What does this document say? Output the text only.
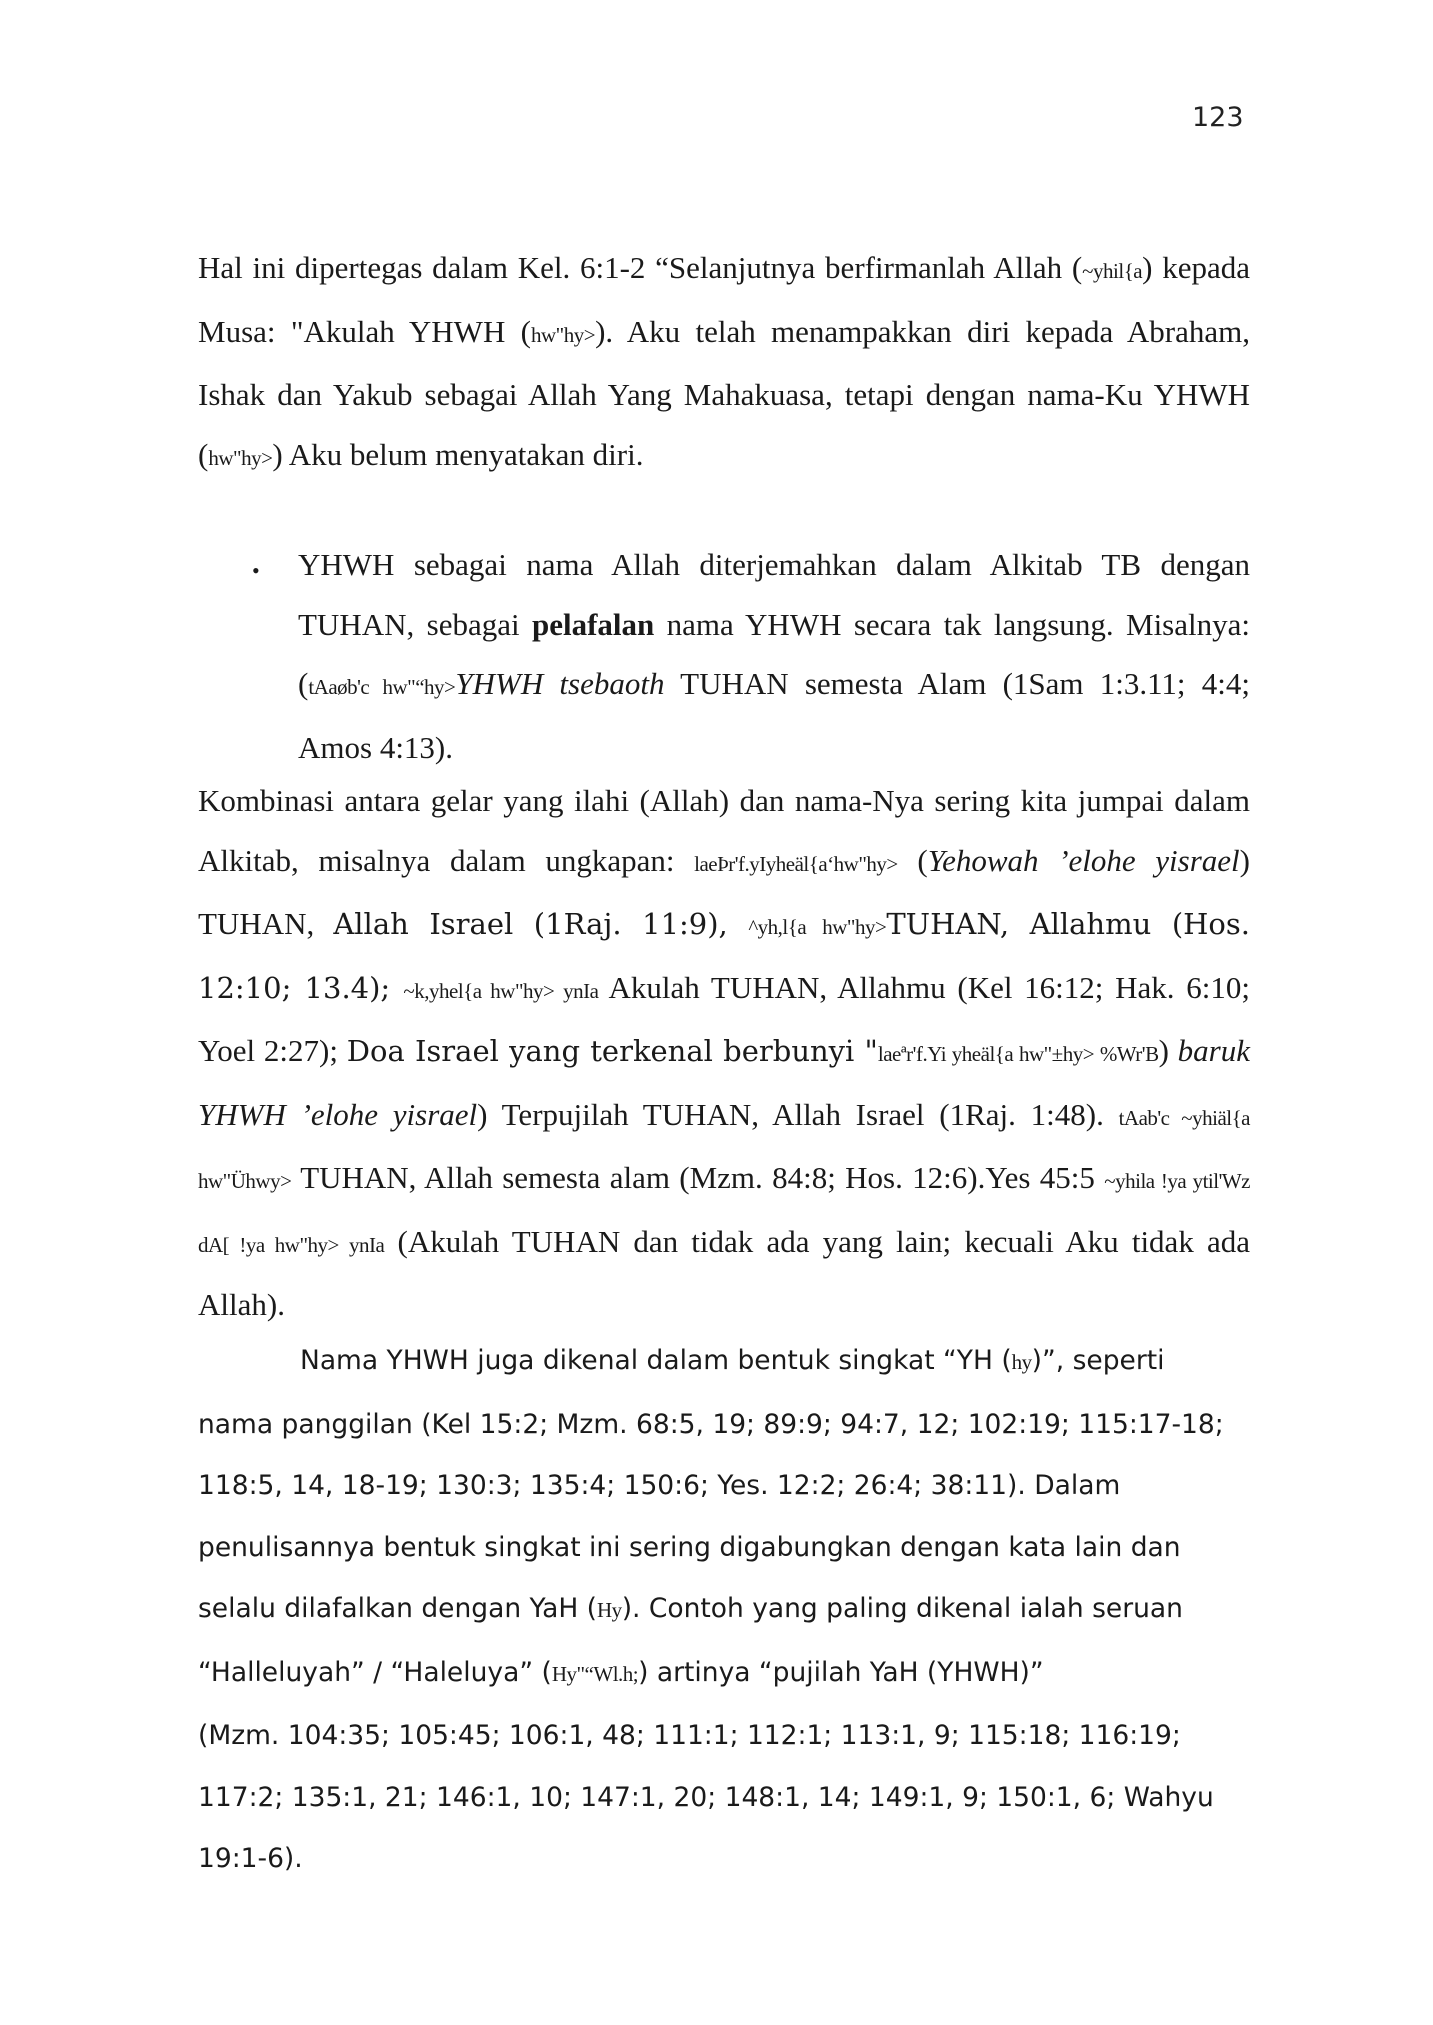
123

Hal ini dipertegas dalam Kel. 6:1-2 “Selanjutnya berfirmanlah Allah (~yhil{a) kepada Musa: "Akulah YHWH (hw"hy>). Aku telah menampakkan diri kepada Abraham, Ishak dan Yakub sebagai Allah Yang Mahakuasa, tetapi dengan nama-Ku YHWH (hw"hy>) Aku belum menyatakan diri.

• YHWH sebagai nama Allah diterjemahkan dalam Alkitab TB dengan TUHAN, sebagai pelafalan nama YHWH secara tak langsung. Misalnya: (tAaøb'c hw"“hy>YHWH tsebaoth TUHAN semesta Alam (1Sam 1:3.11; 4:4; Amos 4:13).

Kombinasi antara gelar yang ilahi (Allah) dan nama-Nya sering kita jumpai dalam Alkitab, misalnya dalam ungkapan: laeÞr'f.yIyheäl{a‘hw"hy> (Yehowah ’elohe yisrael) TUHAN, Allah Israel (1Raj. 11:9), ^yh,l{a hw"hy>TUHAN, Allahmu (Hos. 12:10; 13.4); ~k,yhel{a hw"hy> ynIa Akulah TUHAN, Allahmu (Kel 16:12; Hak. 6:10; Yoel 2:27); Doa Israel yang terkenal berbunyi "laeªr'f.Yi yheäl{a hw"±hy> %Wr'B) baruk YHWH ’elohe yisrael) Terpujilah TUHAN, Allah Israel (1Raj. 1:48). tAab'c ~yhiäl{a hw"Ühwy> TUHAN, Allah semesta alam (Mzm. 84:8; Hos. 12:6).Yes 45:5 ~yhila !ya ytil'Wz dA[ !ya hw"hy> ynIa (Akulah TUHAN dan tidak ada yang lain; kecuali Aku tidak ada Allah).

Nama YHWH juga dikenal dalam bentuk singkat “YH (hy)”, seperti
nama panggilan (Kel 15:2; Mzm. 68:5, 19; 89:9; 94:7, 12; 102:19; 115:17-18;
118:5, 14, 18-19; 130:3; 135:4; 150:6; Yes. 12:2; 26:4; 38:11). Dalam
penulisannya bentuk singkat ini sering digabungkan dengan kata lain dan
selalu dilafalkan dengan YaH (Hy). Contoh yang paling dikenal ialah seruan
“Halleluyah” / “Haleluya” (Hy"“Wl.h;) artinya “pujilah YaH (YHWH)”
(Mzm. 104:35; 105:45; 106:1, 48; 111:1; 112:1; 113:1, 9; 115:18; 116:19;
117:2; 135:1, 21; 146:1, 10; 147:1, 20; 148:1, 14; 149:1, 9; 150:1, 6; Wahyu
19:1-6).
